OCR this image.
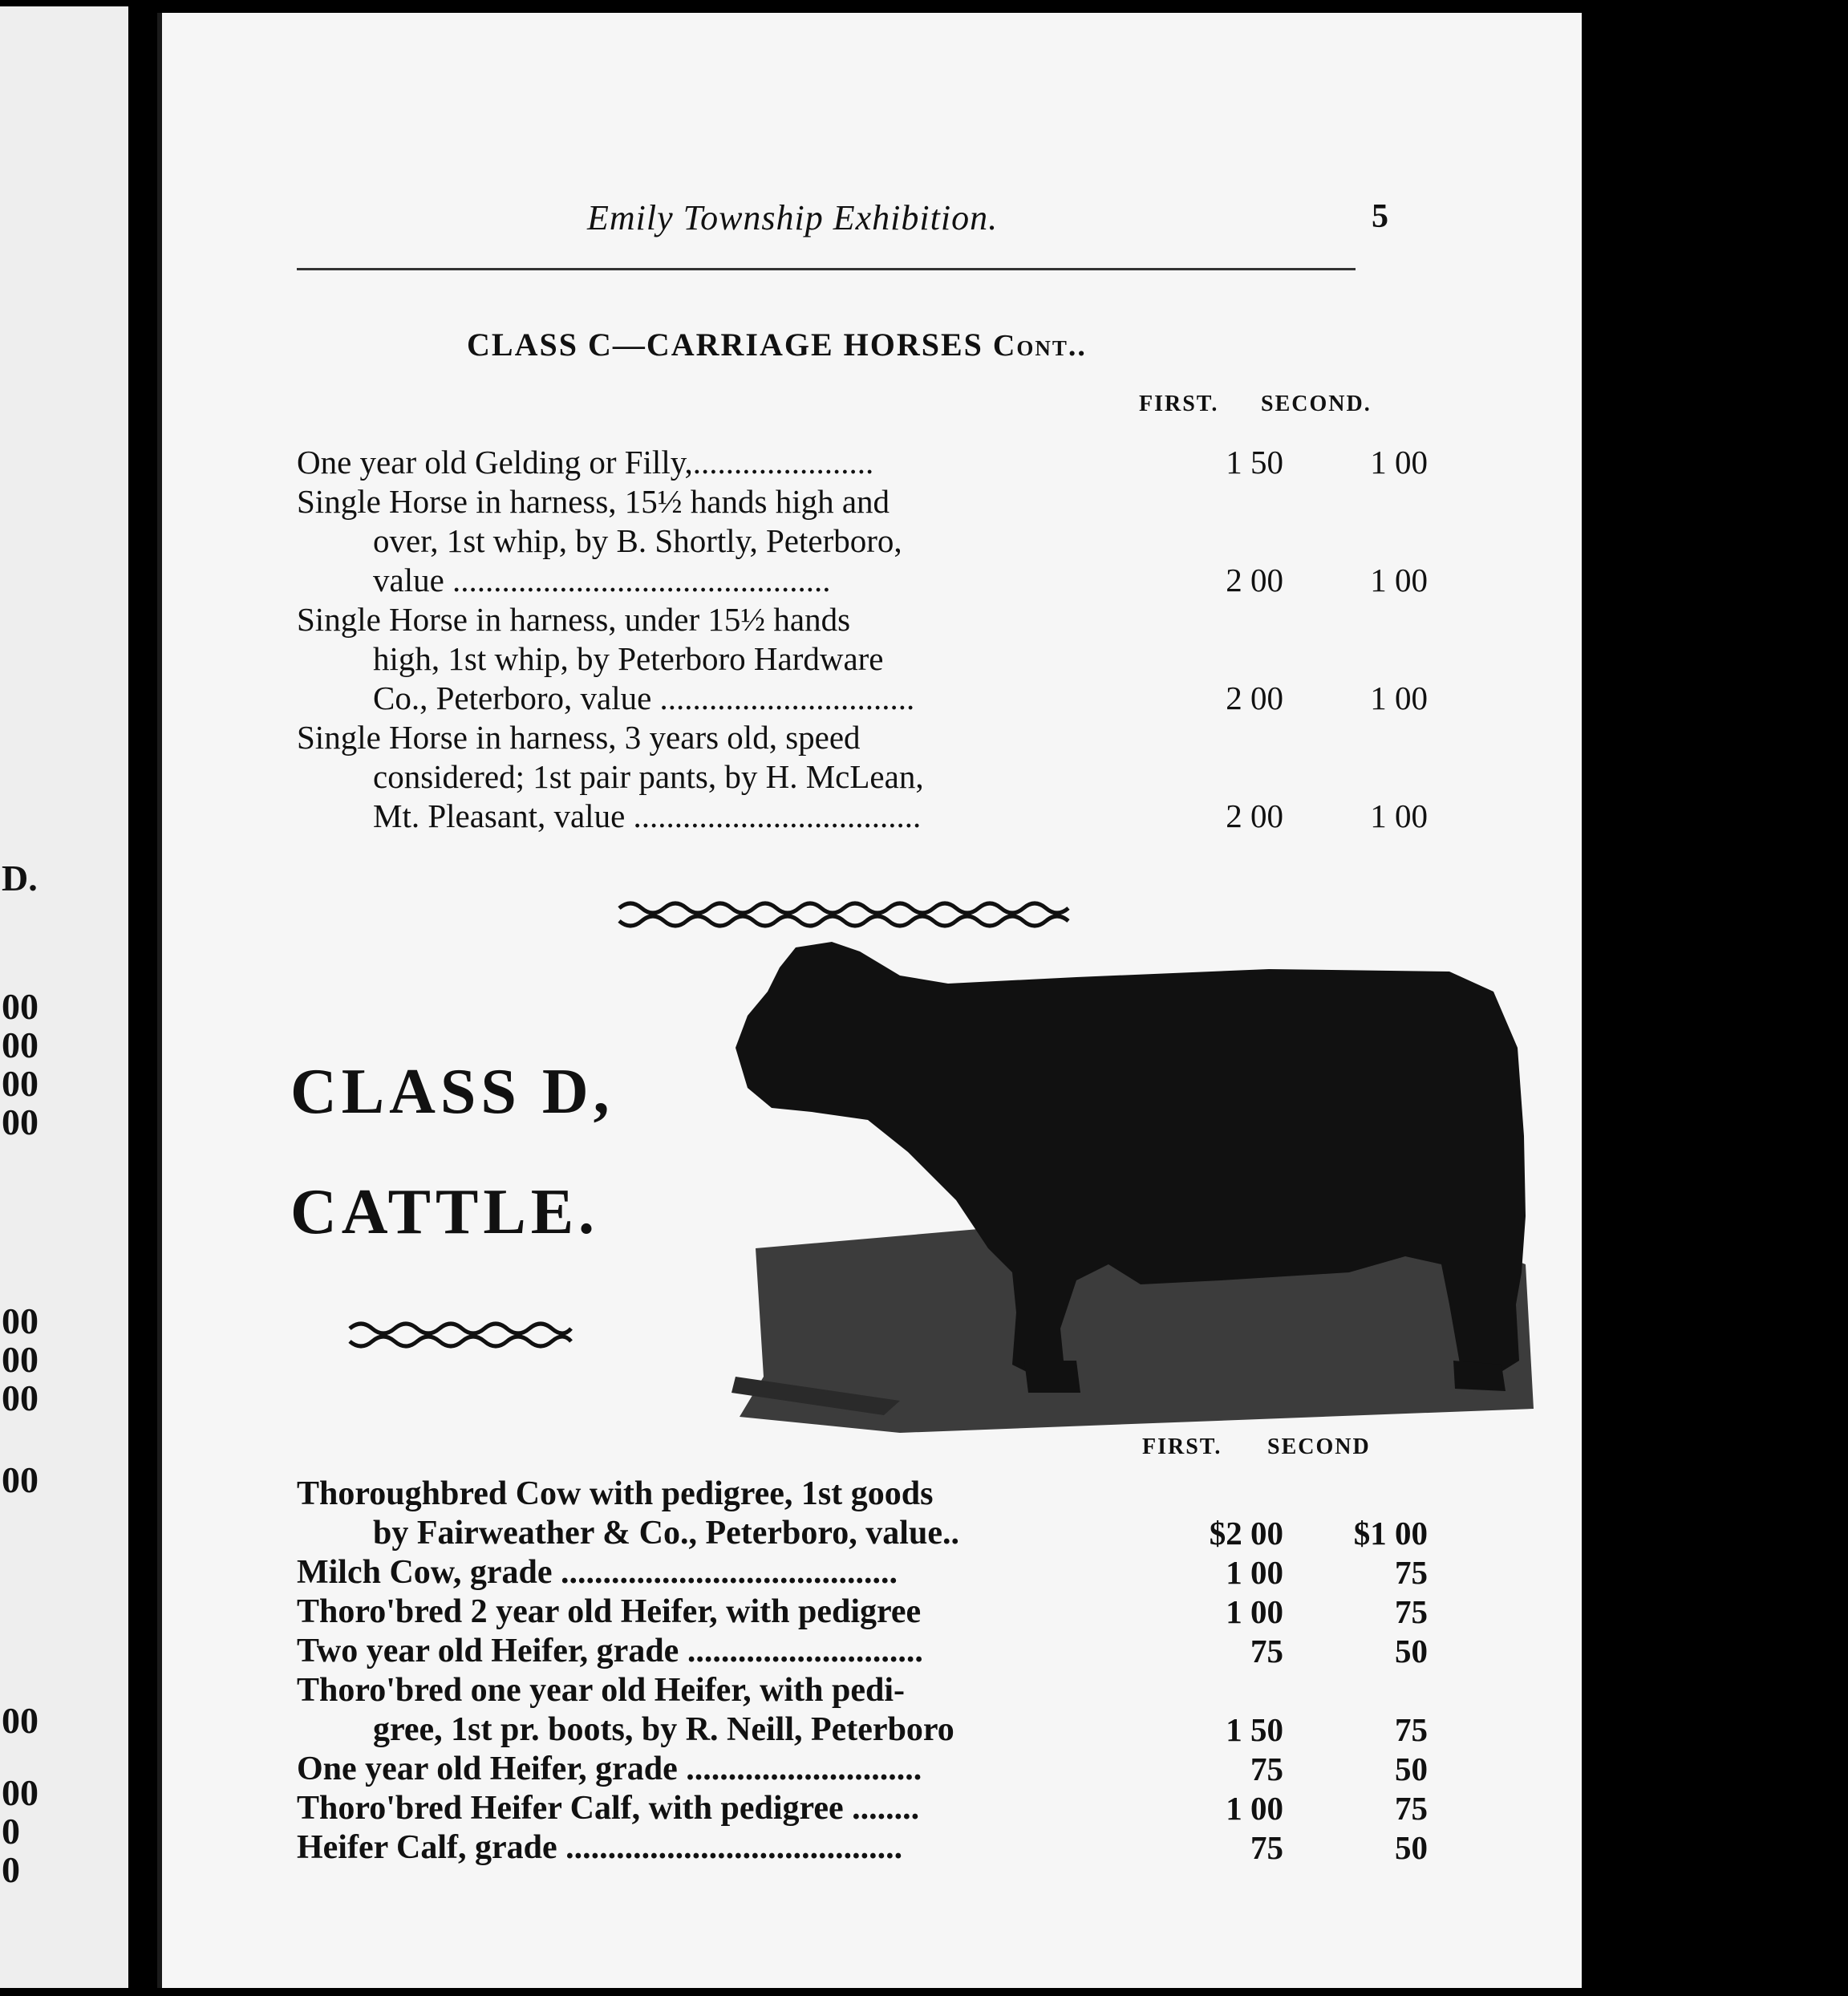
D.
00
00
00
00
00
00
00
00
00
00
0
0
Emily Township Exhibition.	5
CLASS C—CARRIAGE HORSES Cont..
FIRST. SECOND.
One year old Gelding or Filly,......................	1 50	1 00
Single Horse in harness, 15½ hands high and
over, 1st whip, by B. Shortly, Peterboro,
value ..............................................	2 00	1 00
Single Horse in harness, under 15½ hands
high, 1st whip, by Peterboro Hardware
Co., Peterboro, value ...............................	2 00	1 00
Single Horse in harness, 3 years old, speed
considered; 1st pair pants, by H. McLean,
Mt. Pleasant, value ...................................	2 00	1 00
CLASS D,
CATTLE.
FIRST. SECOND
Thoroughbred Cow with pedigree, 1st goods
by Fairweather & Co., Peterboro, value..	$2 00	$1 00
Milch Cow, grade ........................................	1 00	75
Thoro'bred 2 year old Heifer, with pedigree	1 00	75
Two year old Heifer, grade ............................	75	50
Thoro'bred one year old Heifer, with pedi-
gree, 1st pr. boots, by R. Neill, Peterboro	1 50	75
One year old Heifer, grade ............................	75	50
Thoro'bred Heifer Calf, with pedigree ........	1 00	75
Heifer Calf, grade ........................................	75	50
